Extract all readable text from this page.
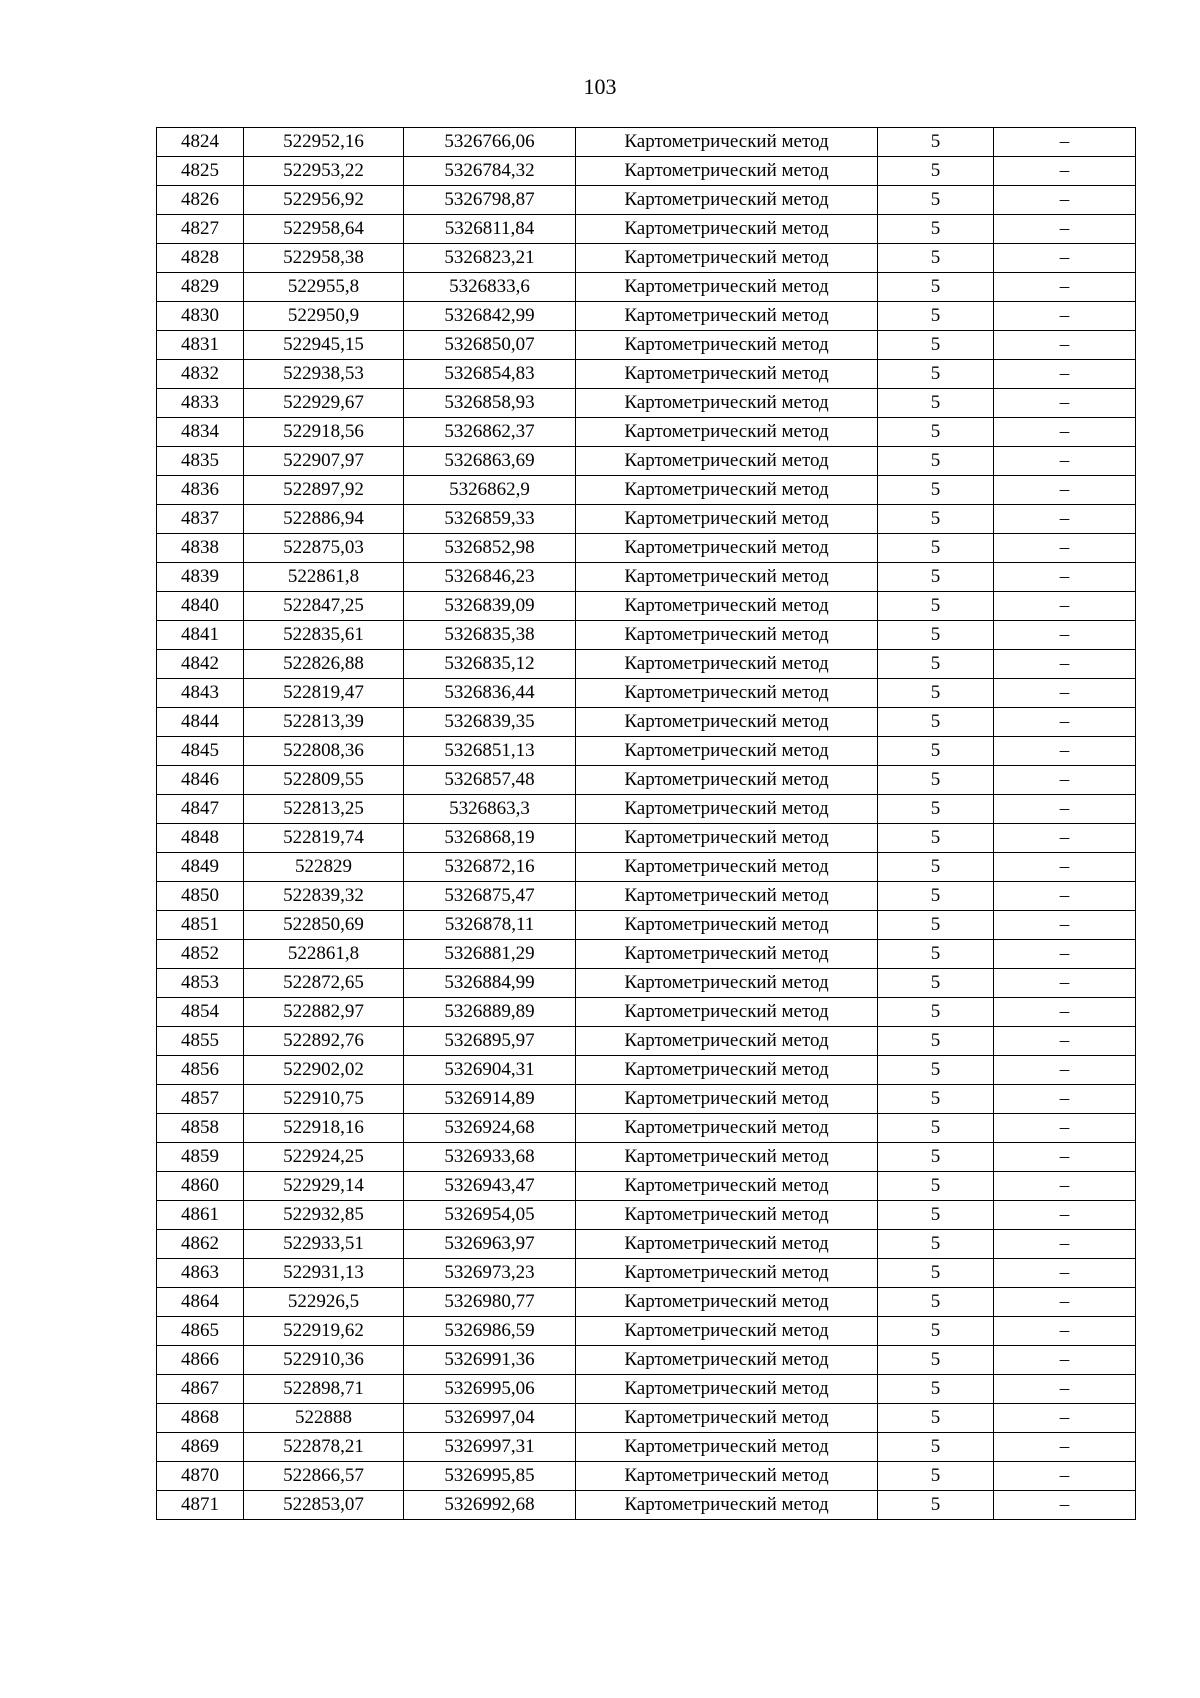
103
4824	522952,16	5326766,06	Картометрический метод	5	–
4825	522953,22	5326784,32	Картометрический метод	5	–
4826	522956,92	5326798,87	Картометрический метод	5	–
4827	522958,64	5326811,84	Картометрический метод	5	–
4828	522958,38	5326823,21	Картометрический метод	5	–
4829	522955,8	5326833,6	Картометрический метод	5	–
4830	522950,9	5326842,99	Картометрический метод	5	–
4831	522945,15	5326850,07	Картометрический метод	5	–
4832	522938,53	5326854,83	Картометрический метод	5	–
4833	522929,67	5326858,93	Картометрический метод	5	–
4834	522918,56	5326862,37	Картометрический метод	5	–
4835	522907,97	5326863,69	Картометрический метод	5	–
4836	522897,92	5326862,9	Картометрический метод	5	–
4837	522886,94	5326859,33	Картометрический метод	5	–
4838	522875,03	5326852,98	Картометрический метод	5	–
4839	522861,8	5326846,23	Картометрический метод	5	–
4840	522847,25	5326839,09	Картометрический метод	5	–
4841	522835,61	5326835,38	Картометрический метод	5	–
4842	522826,88	5326835,12	Картометрический метод	5	–
4843	522819,47	5326836,44	Картометрический метод	5	–
4844	522813,39	5326839,35	Картометрический метод	5	–
4845	522808,36	5326851,13	Картометрический метод	5	–
4846	522809,55	5326857,48	Картометрический метод	5	–
4847	522813,25	5326863,3	Картометрический метод	5	–
4848	522819,74	5326868,19	Картометрический метод	5	–
4849	522829	5326872,16	Картометрический метод	5	–
4850	522839,32	5326875,47	Картометрический метод	5	–
4851	522850,69	5326878,11	Картометрический метод	5	–
4852	522861,8	5326881,29	Картометрический метод	5	–
4853	522872,65	5326884,99	Картометрический метод	5	–
4854	522882,97	5326889,89	Картометрический метод	5	–
4855	522892,76	5326895,97	Картометрический метод	5	–
4856	522902,02	5326904,31	Картометрический метод	5	–
4857	522910,75	5326914,89	Картометрический метод	5	–
4858	522918,16	5326924,68	Картометрический метод	5	–
4859	522924,25	5326933,68	Картометрический метод	5	–
4860	522929,14	5326943,47	Картометрический метод	5	–
4861	522932,85	5326954,05	Картометрический метод	5	–
4862	522933,51	5326963,97	Картометрический метод	5	–
4863	522931,13	5326973,23	Картометрический метод	5	–
4864	522926,5	5326980,77	Картометрический метод	5	–
4865	522919,62	5326986,59	Картометрический метод	5	–
4866	522910,36	5326991,36	Картометрический метод	5	–
4867	522898,71	5326995,06	Картометрический метод	5	–
4868	522888	5326997,04	Картометрический метод	5	–
4869	522878,21	5326997,31	Картометрический метод	5	–
4870	522866,57	5326995,85	Картометрический метод	5	–
4871	522853,07	5326992,68	Картометрический метод	5	–
